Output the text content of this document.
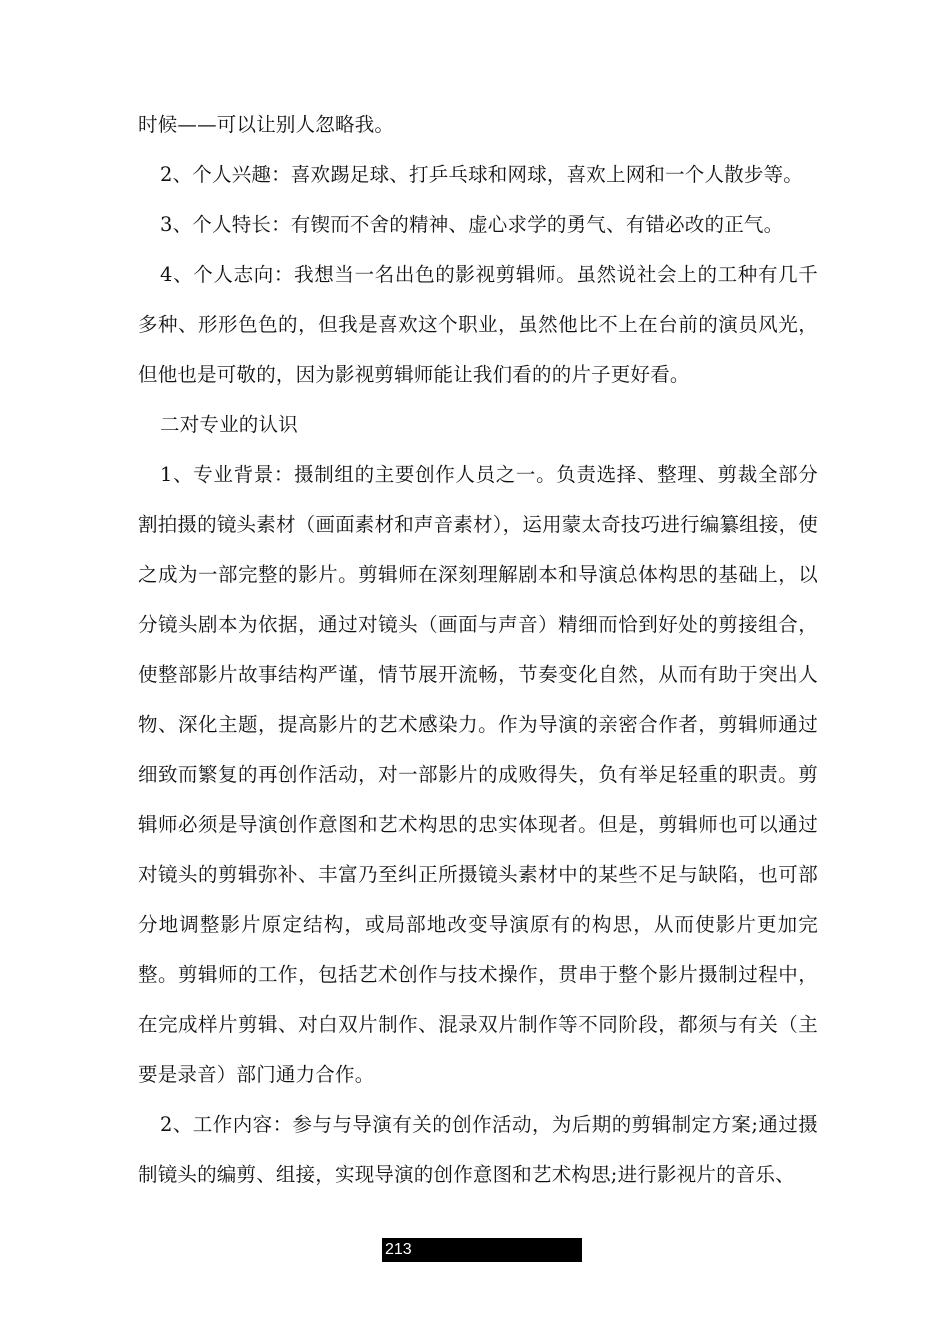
时候——可以让别人忽略我。

2、个人兴趣：喜欢踢足球、打乒乓球和网球，喜欢上网和一个人散步等。

3、个人特长：有锲而不舍的精神、虚心求学的勇气、有错必改的正气。

4、个人志向：我想当一名出色的影视剪辑师。虽然说社会上的工种有几千多种、形形色色的，但我是喜欢这个职业，虽然他比不上在台前的演员风光，但他也是可敬的，因为影视剪辑师能让我们看的的片子更好看。

二对专业的认识

1、专业背景：摄制组的主要创作人员之一。负责选择、整理、剪裁全部分割拍摄的镜头素材（画面素材和声音素材），运用蒙太奇技巧进行编纂组接，使之成为一部完整的影片。剪辑师在深刻理解剧本和导演总体构思的基础上，以分镜头剧本为依据，通过对镜头（画面与声音）精细而恰到好处的剪接组合，使整部影片故事结构严谨，情节展开流畅，节奏变化自然，从而有助于突出人物、深化主题，提高影片的艺术感染力。作为导演的亲密合作者，剪辑师通过细致而繁复的再创作活动，对一部影片的成败得失，负有举足轻重的职责。剪辑师必须是导演创作意图和艺术构思的忠实体现者。但是，剪辑师也可以通过对镜头的剪辑弥补、丰富乃至纠正所摄镜头素材中的某些不足与缺陷，也可部分地调整影片原定结构，或局部地改变导演原有的构思，从而使影片更加完整。剪辑师的工作，包括艺术创作与技术操作，贯串于整个影片摄制过程中，在完成样片剪辑、对白双片制作、混录双片制作等不同阶段，都须与有关（主要是录音）部门通力合作。

2、工作内容：参与与导演有关的创作活动，为后期的剪辑制定方案;通过摄制镜头的编剪、组接，实现导演的创作意图和艺术构思;进行影视片的音乐、

213
